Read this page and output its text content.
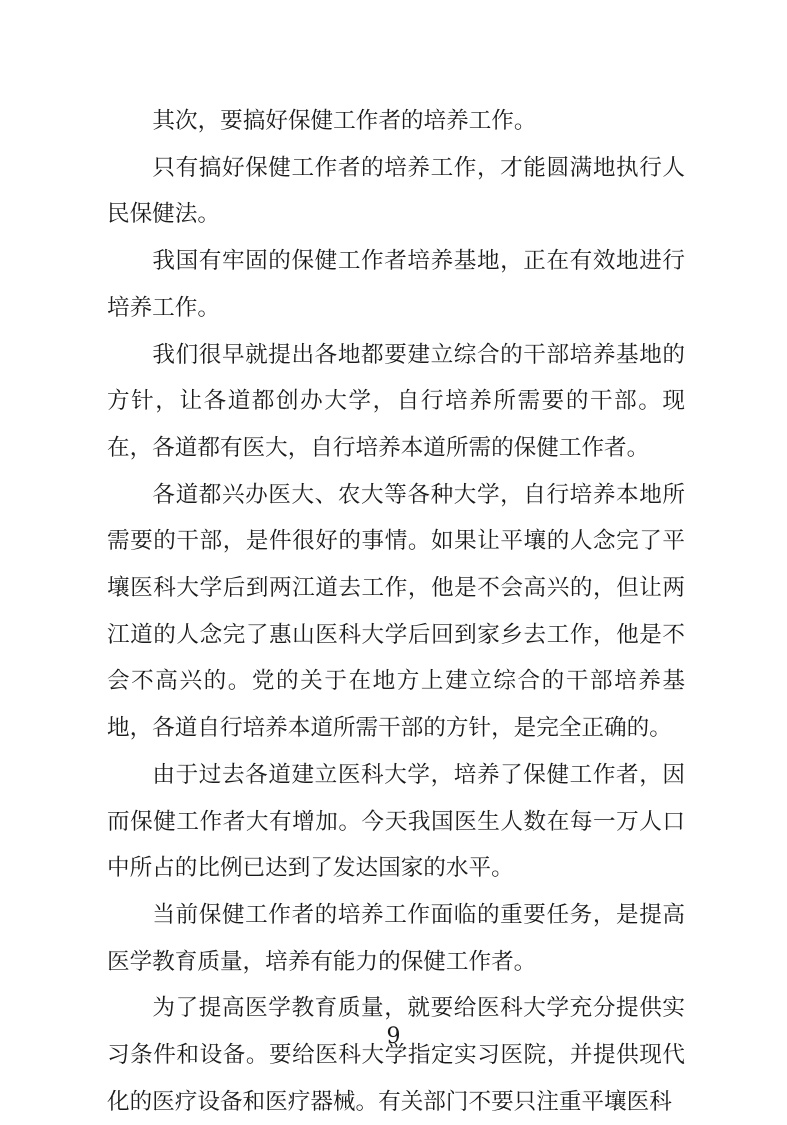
其次，要搞好保健工作者的培养工作。

只有搞好保健工作者的培养工作，才能圆满地执行人民保健法。

我国有牢固的保健工作者培养基地，正在有效地进行培养工作。

我们很早就提出各地都要建立综合的干部培养基地的方针，让各道都创办大学，自行培养所需要的干部。现在，各道都有医大，自行培养本道所需的保健工作者。

各道都兴办医大、农大等各种大学，自行培养本地所需要的干部，是件很好的事情。如果让平壤的人念完了平壤医科大学后到两江道去工作，他是不会高兴的，但让两江道的人念完了惠山医科大学后回到家乡去工作，他是不会不高兴的。党的关于在地方上建立综合的干部培养基地，各道自行培养本道所需干部的方针，是完全正确的。

由于过去各道建立医科大学，培养了保健工作者，因而保健工作者大有增加。今天我国医生人数在每一万人口中所占的比例已达到了发达国家的水平。

当前保健工作者的培养工作面临的重要任务，是提高医学教育质量，培养有能力的保健工作者。

为了提高医学教育质量，就要给医科大学充分提供实习条件和设备。要给医科大学指定实习医院，并提供现代化的医疗设备和医疗器械。有关部门不要只注重平壤医科

9
